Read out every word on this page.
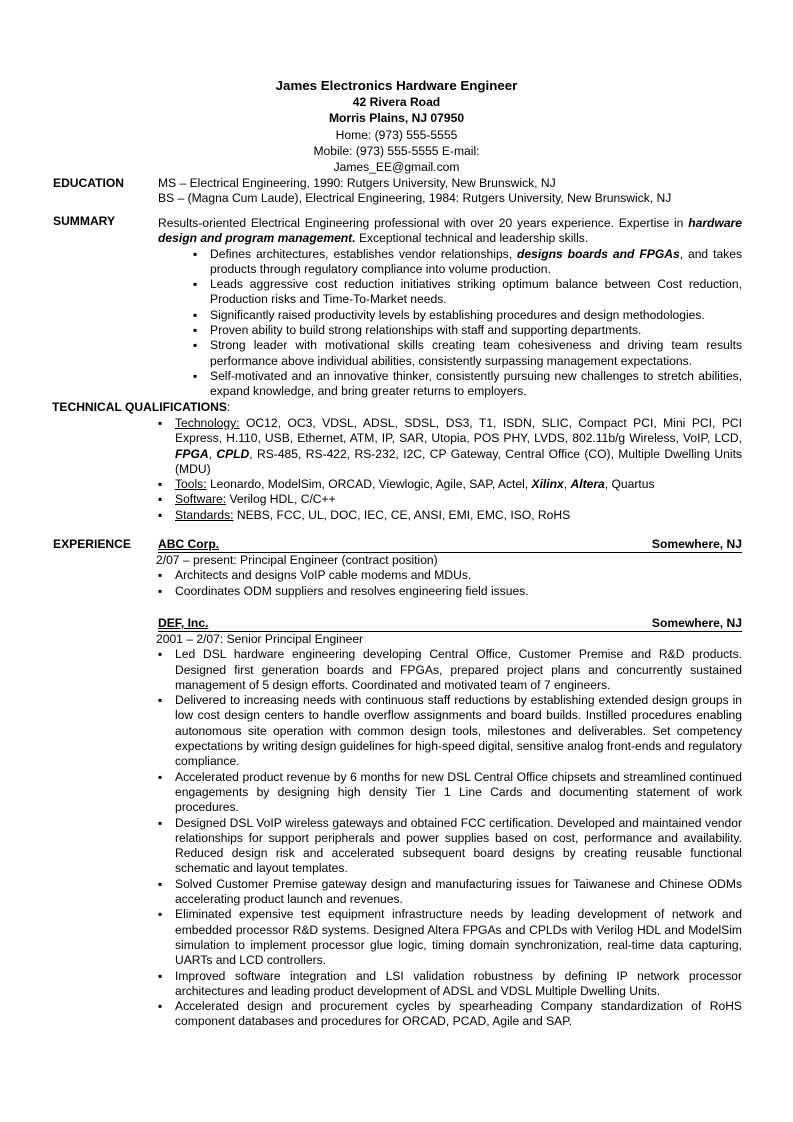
James Electronics Hardware Engineer
42 Rivera Road
Morris Plains, NJ 07950
Home: (973) 555-5555
Mobile: (973) 555-5555 E-mail:
James_EE@gmail.com
EDUCATION	MS – Electrical Engineering, 1990: Rutgers University, New Brunswick, NJ
BS – (Magna Cum Laude), Electrical Engineering, 1984: Rutgers University, New Brunswick, NJ
SUMMARY	Results-oriented Electrical Engineering professional with over 20 years experience. Expertise in hardware design and program management. Exceptional technical and leadership skills.
▪ Defines architectures, establishes vendor relationships, designs boards and FPGAs, and takes products through regulatory compliance into volume production.
▪ Leads aggressive cost reduction initiatives striking optimum balance between Cost reduction, Production risks and Time-To-Market needs.
▪ Significantly raised productivity levels by establishing procedures and design methodologies.
▪ Proven ability to build strong relationships with staff and supporting departments.
▪ Strong leader with motivational skills creating team cohesiveness and driving team results performance above individual abilities, consistently surpassing management expectations.
▪ Self-motivated and an innovative thinker, consistently pursuing new challenges to stretch abilities, expand knowledge, and bring greater returns to employers.
TECHNICAL QUALIFICATIONS:
▪ Technology: OC12, OC3, VDSL, ADSL, SDSL, DS3, T1, ISDN, SLIC, Compact PCI, Mini PCI, PCI Express, H.110, USB, Ethernet, ATM, IP, SAR, Utopia, POS PHY, LVDS, 802.11b/g Wireless, VoIP, LCD, FPGA, CPLD, RS-485, RS-422, RS-232, I2C, CP Gateway, Central Office (CO), Multiple Dwelling Units (MDU)
▪ Tools: Leonardo, ModelSim, ORCAD, Viewlogic, Agile, SAP, Actel, Xilinx, Altera, Quartus
▪ Software: Verilog HDL, C/C++
▪ Standards: NEBS, FCC, UL, DOC, IEC, CE, ANSI, EMI, EMC, ISO, RoHS
EXPERIENCE ABC Corp.	Somewhere, NJ
2/07 – present: Principal Engineer (contract position)
▪ Architects and designs VoIP cable modems and MDUs.
▪ Coordinates ODM suppliers and resolves engineering field issues.
DEF, Inc.	Somewhere, NJ
2001 – 2/07: Senior Principal Engineer
▪ Led DSL hardware engineering developing Central Office, Customer Premise and R&D products. Designed first generation boards and FPGAs, prepared project plans and concurrently sustained management of 5 design efforts. Coordinated and motivated team of 7 engineers.
▪ Delivered to increasing needs with continuous staff reductions by establishing extended design groups in low cost design centers to handle overflow assignments and board builds. Instilled procedures enabling autonomous site operation with common design tools, milestones and deliverables. Set competency expectations by writing design guidelines for high-speed digital, sensitive analog front-ends and regulatory compliance.
▪ Accelerated product revenue by 6 months for new DSL Central Office chipsets and streamlined continued engagements by designing high density Tier 1 Line Cards and documenting statement of work procedures.
▪ Designed DSL VoIP wireless gateways and obtained FCC certification. Developed and maintained vendor relationships for support peripherals and power supplies based on cost, performance and availability. Reduced design risk and accelerated subsequent board designs by creating reusable functional schematic and layout templates.
▪ Solved Customer Premise gateway design and manufacturing issues for Taiwanese and Chinese ODMs accelerating product launch and revenues.
▪ Eliminated expensive test equipment infrastructure needs by leading development of network and embedded processor R&D systems. Designed Altera FPGAs and CPLDs with Verilog HDL and ModelSim simulation to implement processor glue logic, timing domain synchronization, real-time data capturing, UARTs and LCD controllers.
▪ Improved software integration and LSI validation robustness by defining IP network processor architectures and leading product development of ADSL and VDSL Multiple Dwelling Units.
▪ Accelerated design and procurement cycles by spearheading Company standardization of RoHS component databases and procedures for ORCAD, PCAD, Agile and SAP.
